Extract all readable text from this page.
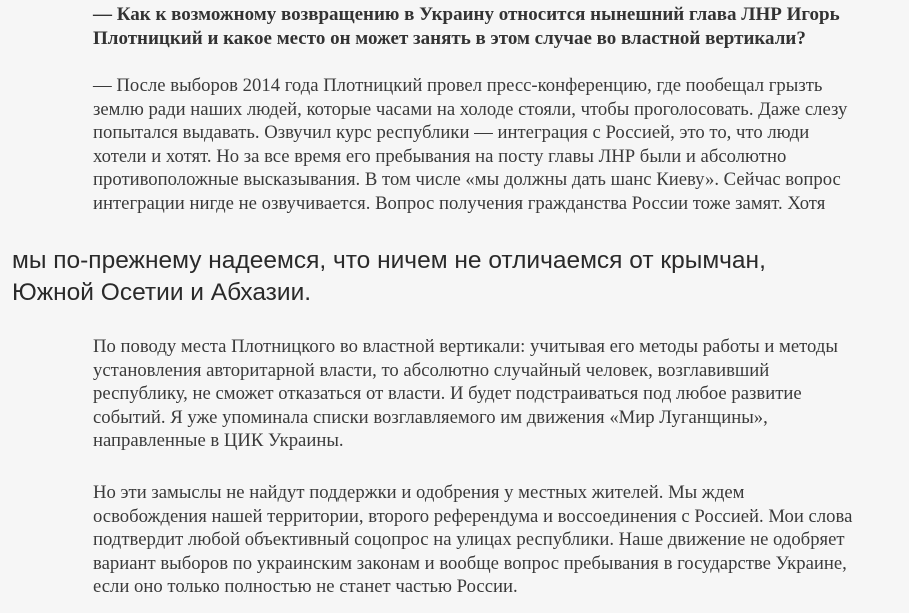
— Как к возможному возвращению в Украину относится нынешний глава ЛНР Игорь
Плотницкий и какое место он может занять в этом случае во властной вертикали?

— После выборов 2014 года Плотницкий провел пресс-конференцию, где пообещал грызть
землю ради наших людей, которые часами на холоде стояли, чтобы проголосовать. Даже слезу
попытался выдавать. Озвучил курс республики — интеграция с Россией, это то, что люди
хотели и хотят. Но за все время его пребывания на посту главы ЛНР были и абсолютно
противоположные высказывания. В том числе «мы должны дать шанс Киеву». Сейчас вопрос
интеграции нигде не озвучивается. Вопрос получения гражданства России тоже замят. Хотя

мы по-прежнему надеемся, что ничем не отличаемся от крымчан,
Южной Осетии и Абхазии.

По поводу места Плотницкого во властной вертикали: учитывая его методы работы и методы
установления авторитарной власти, то абсолютно случайный человек, возглавивший
республику, не сможет отказаться от власти. И будет подстраиваться под любое развитие
событий. Я уже упоминала списки возглавляемого им движения «Мир Луганщины»,
направленные в ЦИК Украины.

Но эти замыслы не найдут поддержки и одобрения у местных жителей. Мы ждем
освобождения нашей территории, второго референдума и воссоединения с Россией. Мои слова
подтвердит любой объективный соцопрос на улицах республики. Наше движение не одобряет
вариант выборов по украинским законам и вообще вопрос пребывания в государстве Украине,
если оно только полностью не станет частью России.
